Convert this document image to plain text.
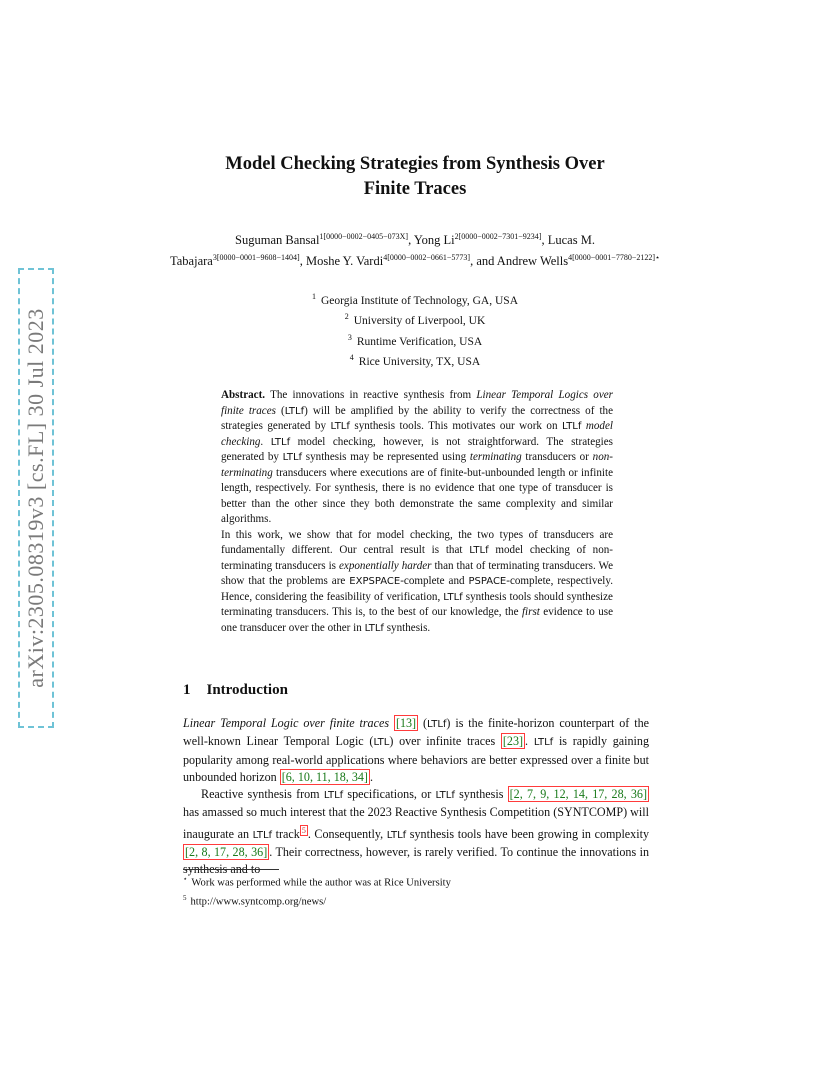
arXiv:2305.08319v3 [cs.FL] 30 Jul 2023
Model Checking Strategies from Synthesis Over
Finite Traces
Suguman Bansal$^{1[0000-0002-0405-073X]}$, Yong $Li^{2[0000-0002-7301-9234]}$, Lucas M. Tabajara$^{3[0000-0001-9608-1404]}$, Moshe Y. Vardi$^{4[0000-0002-0661-5773]}$, and Andrew Wells$^{4[0000-0001-7780-2122]⋆}$
$^1$ Georgia Institute of Technology, GA, USA
$^2$ University of Liverpool, UK
$^3$ Runtime Verification, USA
$^4$ Rice University, TX, USA

Abstract. The innovations in reactive synthesis from Linear Temporal Logics over finite traces (LTLf) will be amplified by the ability to verify the correctness of the strategies generated by LTLf synthesis tools. This motivates our work on LTLf model checking. LTLf model checking, however, is not straightforward. The strategies generated by LTLf synthesis may be represented using terminating transducers or non-terminating transducers where executions are of finite-but-unbounded length or infinite length, respectively. For synthesis, there is no evidence that one type of transducer is better than the other since they both demonstrate the same complexity and similar algorithms.

In this work, we show that for model checking, the two types of transducers are fundamentally different. Our central result is that LTLf model checking of non-terminating transducers is exponentially harder than that of terminating transducers. We show that the problems are EXPSPACE-complete and PSPACE-complete, respectively. Hence, considering the feasibility of verification, LTLf synthesis tools should synthesize terminating transducers. This is, to the best of our knowledge, the first evidence to use one transducer over the other in LTLf synthesis.

1 Introduction

Linear Temporal Logic over finite traces [13] (LTLf) is the finite-horizon counterpart of the well-known Linear Temporal Logic (LTL) over infinite traces [23] . LTLf is rapidly gaining popularity among real-world applications where behaviors are better expressed over a finite but unbounded horizon [6, 10, 11, 18, 34] .

Reactive synthesis from LTLf specifications, or LTLf synthesis [2, 7, 9, 12, 14, 17, 28, 36] has amassed so much interest that the 2023 Reactive Synthesis Competition (SYNTCOMP) will inaugurate an LTLf track $^5$ . Consequently, LTLf synthesis tools have been growing in complexity [2, 8, 17, 28, 36] . Their correctness, however, is rarely verified. To continue the innovations in synthesis and to

⋆ Work was performed while the author was at Rice University
$^5$ http://www.syntcomp.org/news/
